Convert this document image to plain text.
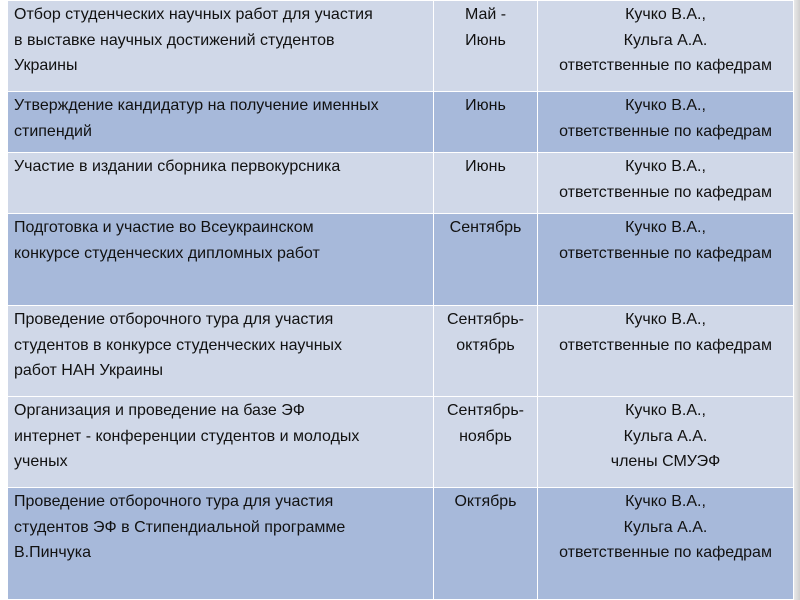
Отбор студенческих научных работ для участия
в выставке научных достижений студентов
Украины	Май -
Июнь	Кучко В.А.,
Кульга А.А.
ответственные по кафедрам

Утверждение кандидатур на получение именных
стипендий	Июнь	Кучко В.А.,
ответственные по кафедрам

Участие в издании сборника первокурсника	Июнь	Кучко В.А.,
ответственные по кафедрам

Подготовка и участие во Всеукраинском
конкурсе студенческих дипломных работ	Сентябрь	Кучко В.А.,
ответственные по кафедрам

Проведение отборочного тура для участия
студентов в конкурсе студенческих научных
работ НАН Украины	Сентябрь-
октябрь	Кучко В.А.,
ответственные по кафедрам

Организация и проведение на базе ЭФ
интернет - конференции студентов и молодых
ученых	Сентябрь-
ноябрь	Кучко В.А.,
Кульга А.А.
члены СМУЭФ

Проведение отборочного тура для участия
студентов ЭФ в Стипендиальной программе
В.Пинчука	Октябрь	Кучко В.А.,
Кульга А.А.
ответственные по кафедрам
